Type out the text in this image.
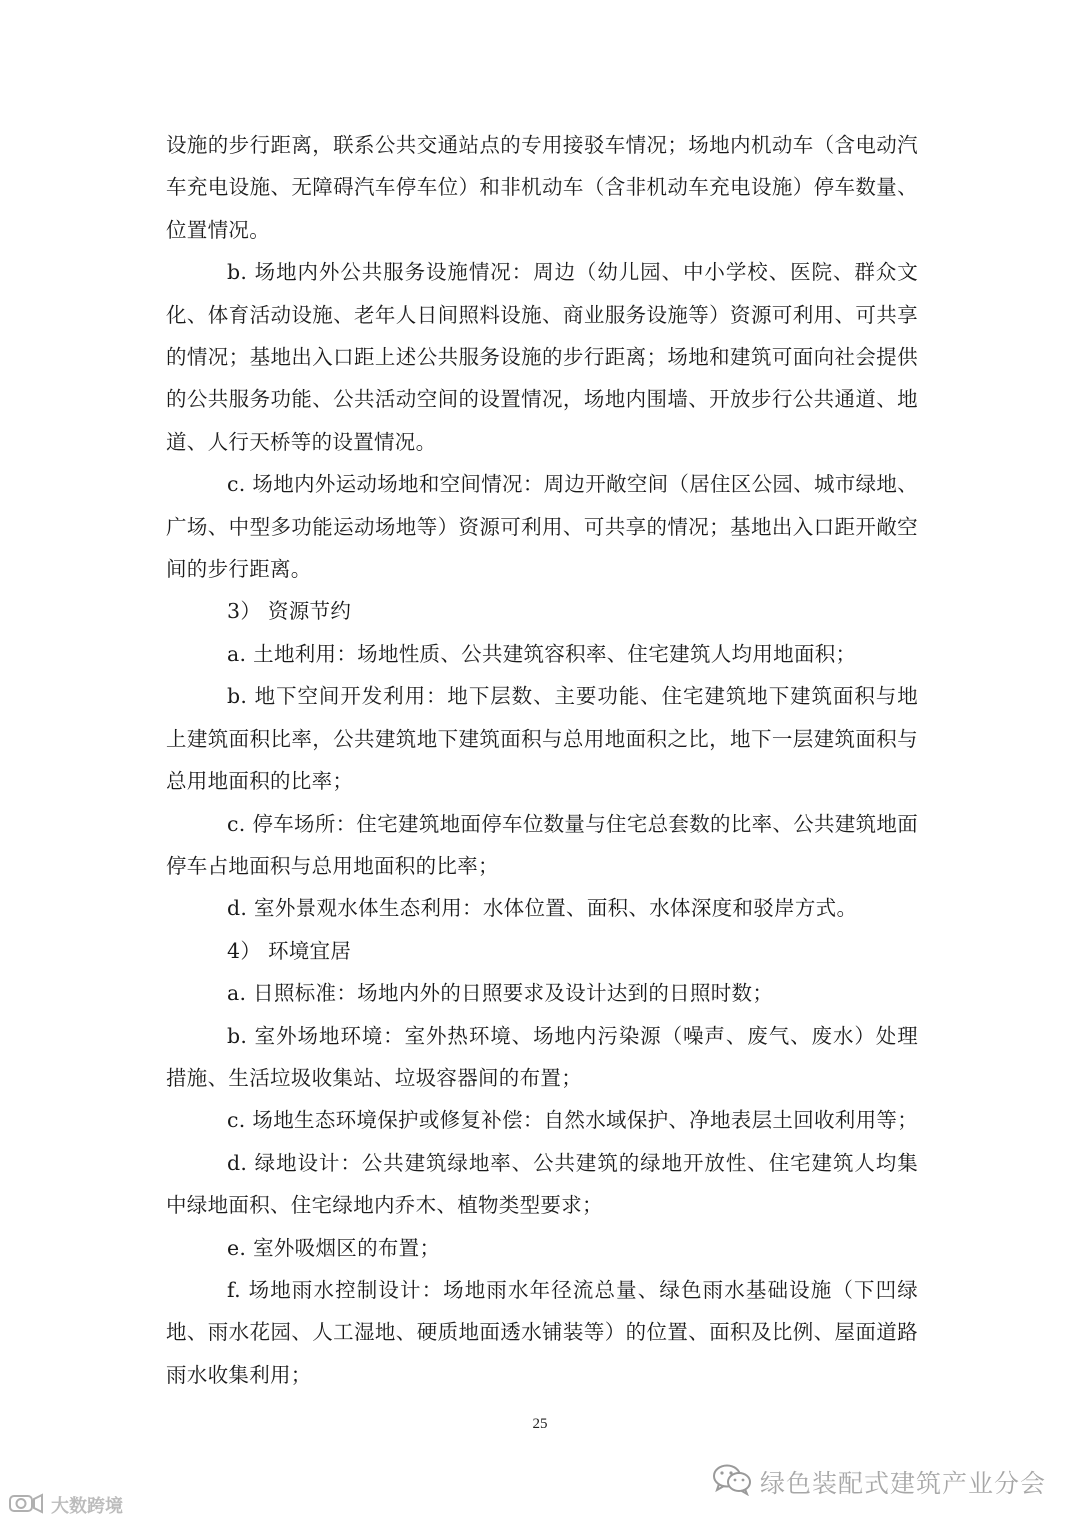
设施的步行距离，联系公共交通站点的专用接驳车情况；场地内机动车（含电动汽车充电设施、无障碍汽车停车位）和非机动车（含非机动车充电设施）停车数量、位置情况。

b. 场地内外公共服务设施情况：周边（幼儿园、中小学校、医院、群众文化、体育活动设施、老年人日间照料设施、商业服务设施等）资源可利用、可共享的情况；基地出入口距上述公共服务设施的步行距离；场地和建筑可面向社会提供的公共服务功能、公共活动空间的设置情况，场地内围墙、开放步行公共通道、地道、人行天桥等的设置情况。

c. 场地内外运动场地和空间情况：周边开敞空间（居住区公园、城市绿地、广场、中型多功能运动场地等）资源可利用、可共享的情况；基地出入口距开敞空间的步行距离。

3） 资源节约

a. 土地利用：场地性质、公共建筑容积率、住宅建筑人均用地面积；

b. 地下空间开发利用：地下层数、主要功能、住宅建筑地下建筑面积与地上建筑面积比率，公共建筑地下建筑面积与总用地面积之比，地下一层建筑面积与总用地面积的比率；

c. 停车场所：住宅建筑地面停车位数量与住宅总套数的比率、公共建筑地面停车占地面积与总用地面积的比率；

d. 室外景观水体生态利用：水体位置、面积、水体深度和驳岸方式。

4） 环境宜居

a. 日照标准：场地内外的日照要求及设计达到的日照时数；

b. 室外场地环境：室外热环境、场地内污染源（噪声、废气、废水）处理措施、生活垃圾收集站、垃圾容器间的布置；

c. 场地生态环境保护或修复补偿：自然水域保护、净地表层土回收利用等；

d. 绿地设计：公共建筑绿地率、公共建筑的绿地开放性、住宅建筑人均集中绿地面积、住宅绿地内乔木、植物类型要求；

e. 室外吸烟区的布置；

f. 场地雨水控制设计：场地雨水年径流总量、绿色雨水基础设施（下凹绿地、雨水花园、人工湿地、硬质地面透水铺装等）的位置、面积及比例、屋面道路雨水收集利用；

25
绿色装配式建筑产业分会
大数跨境
